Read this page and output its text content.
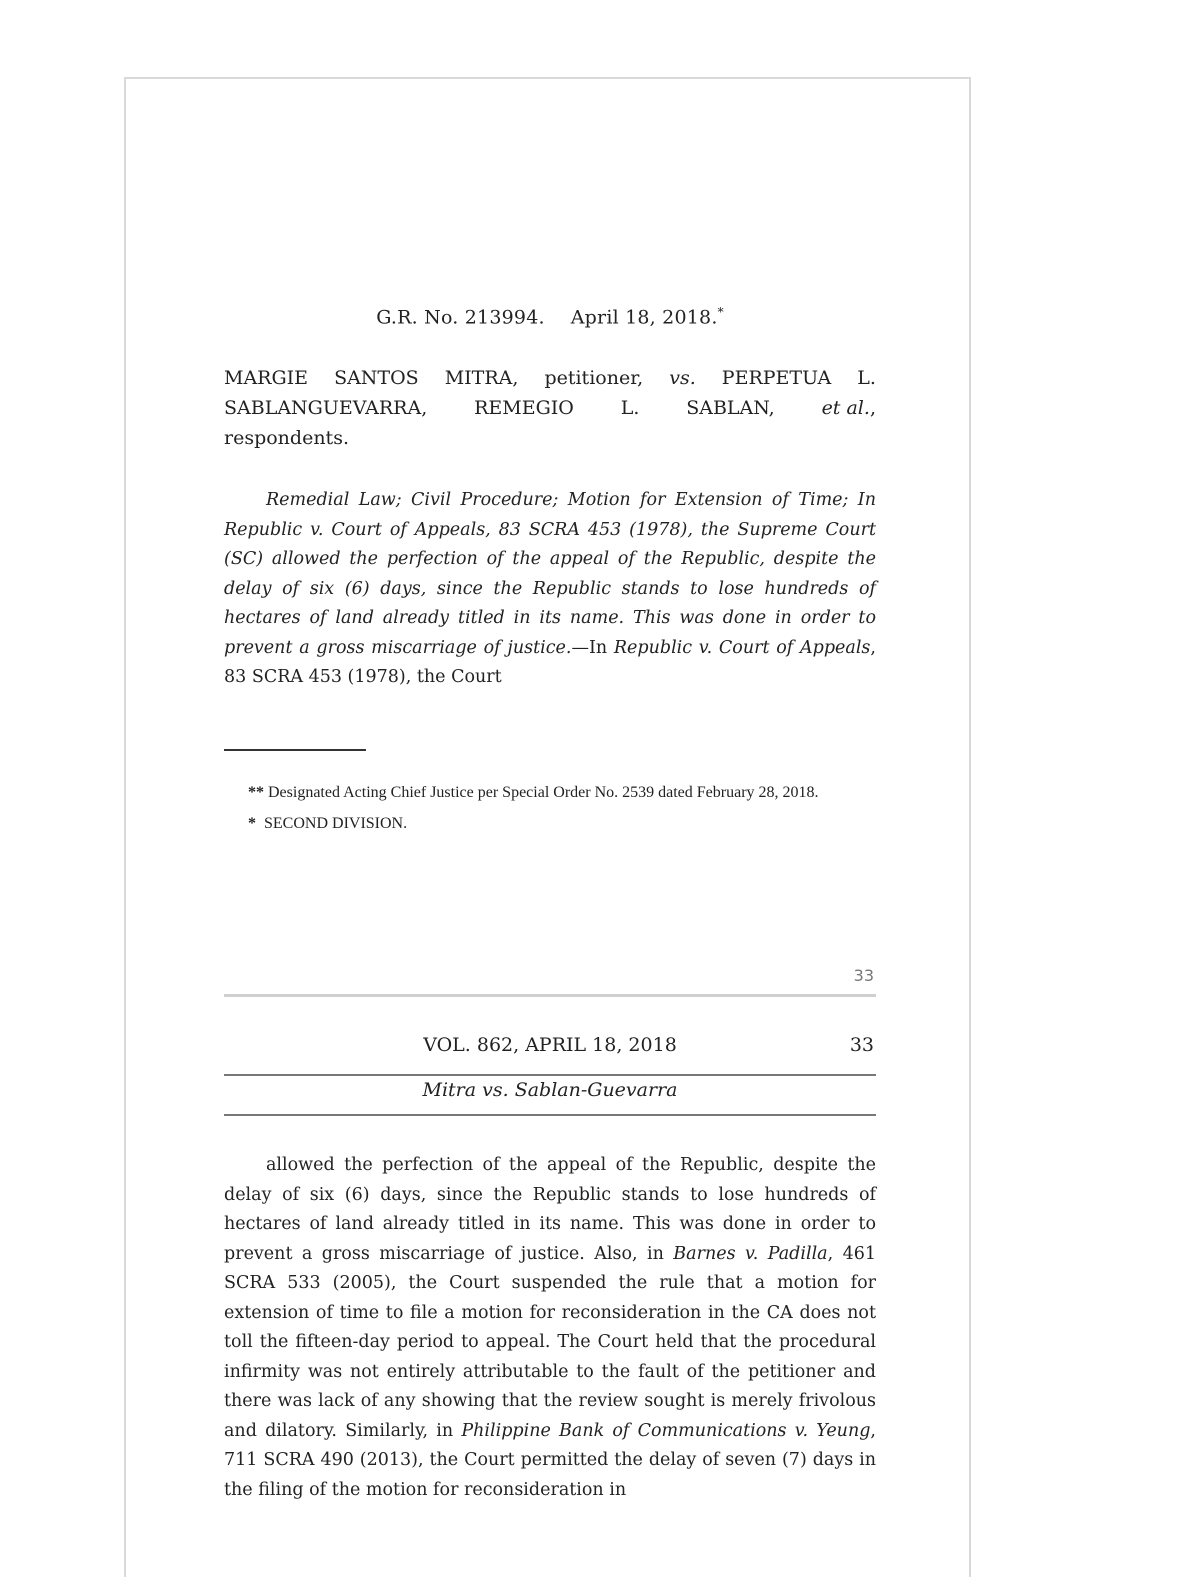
G.R. No. 213994. April 18, 2018.*
MARGIE SANTOS MITRA, petitioner, vs. PERPETUA L.
SABLANGUEVARRA, REMEGIO L. SABLAN, et al.,
respondents.
Remedial Law; Civil Procedure; Motion for Extension of Time; In Republic v. Court of Appeals, 83 SCRA 453 (1978), the Supreme Court (SC) allowed the perfection of the appeal of the Republic, despite the delay of six (6) days, since the Republic stands to lose hundreds of hectares of land already titled in its name. This was done in order to prevent a gross miscarriage of justice.—In Republic v. Court of Appeals, 83 SCRA 453 (1978), the Court

** Designated Acting Chief Justice per Special Order No. 2539 dated February 28, 2018.

*  SECOND DIVISION.

33
VOL. 862, APRIL 18, 2018	33
Mitra vs. Sablan-Guevarra

allowed the perfection of the appeal of the Republic, despite the delay of six (6) days, since the Republic stands to lose hundreds of hectares of land already titled in its name. This was done in order to prevent a gross miscarriage of justice. Also, in Barnes v. Padilla, 461 SCRA 533 (2005), the Court suspended the rule that a motion for extension of time to file a motion for reconsideration in the CA does not toll the fifteen-day period to appeal. The Court held that the procedural infirmity was not entirely attributable to the fault of the petitioner and there was lack of any showing that the review sought is merely frivolous and dilatory. Similarly, in Philippine Bank of Communications v. Yeung, 711 SCRA 490 (2013), the Court permitted the delay of seven (7) days in the filing of the motion for reconsideration in
